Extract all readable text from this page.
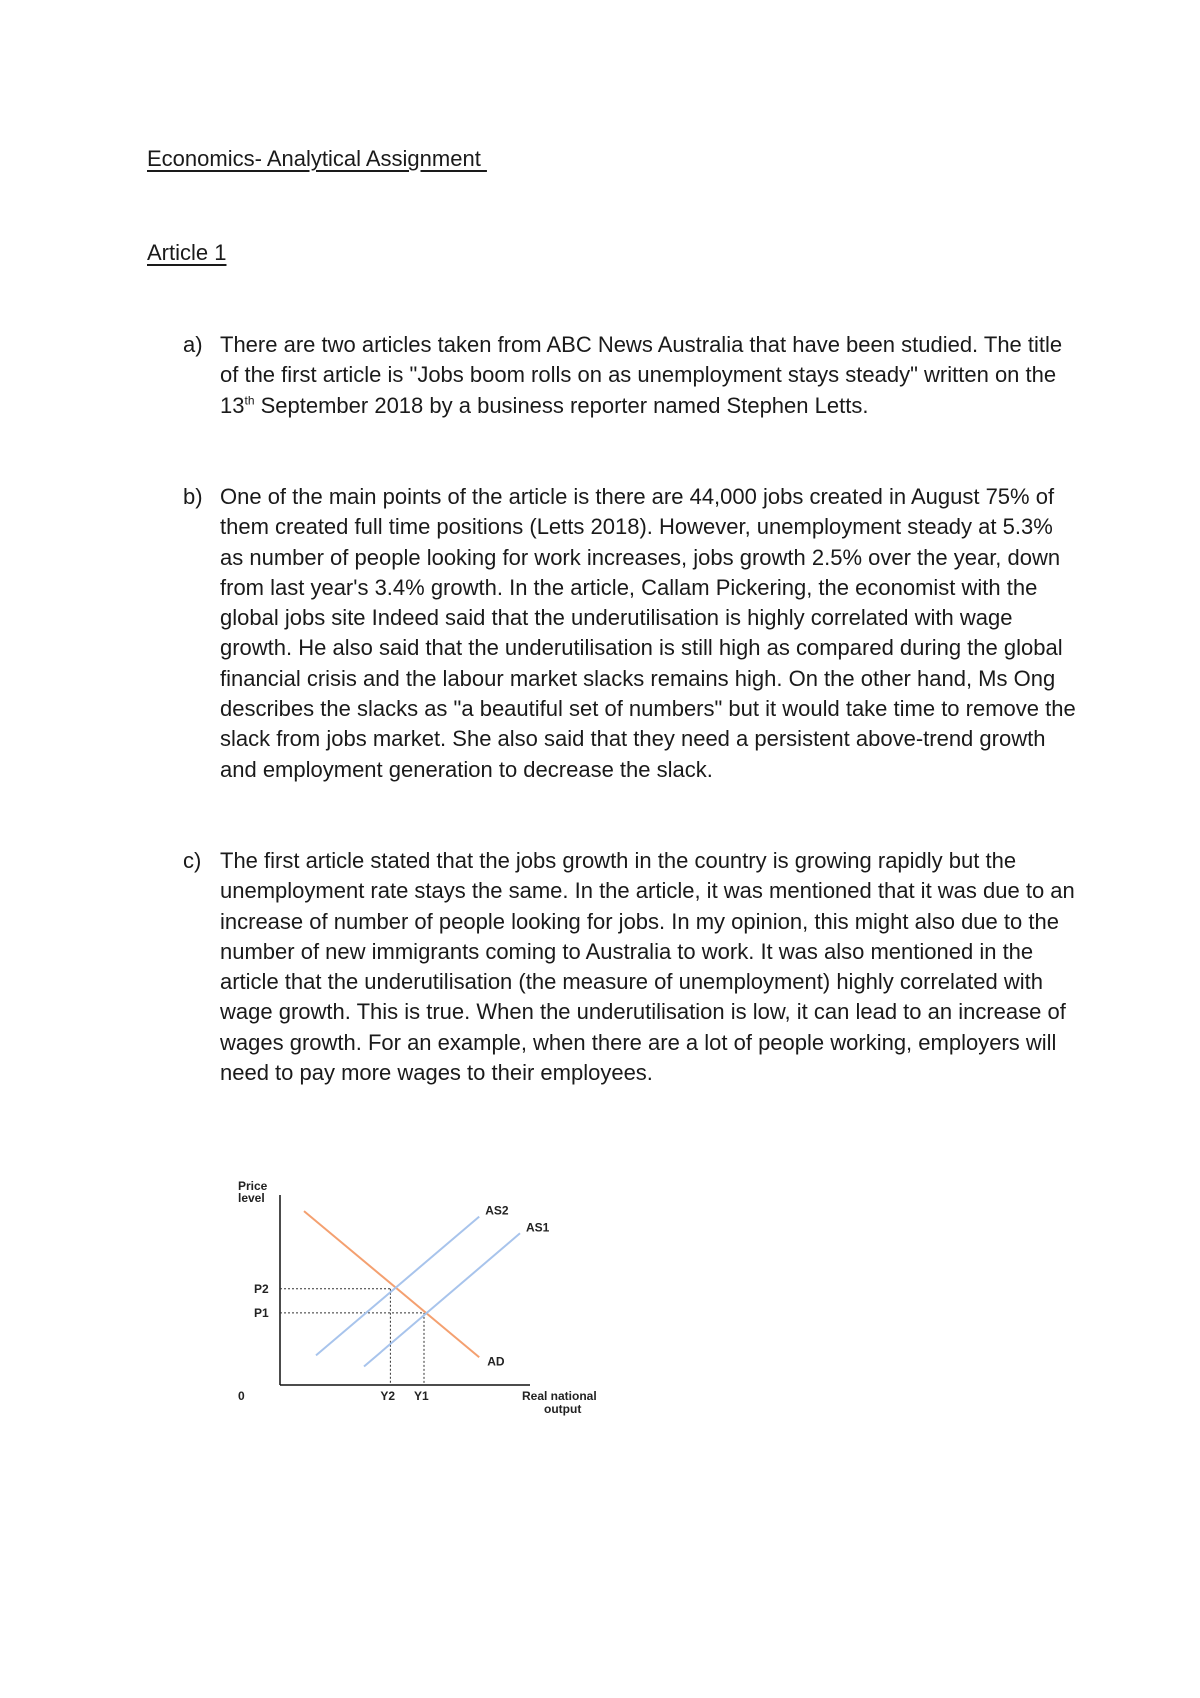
Economics- Analytical Assignment
Article 1
a) There are two articles taken from ABC News Australia that have been studied. The title of the first article is "Jobs boom rolls on as unemployment stays steady" written on the 13th September 2018 by a business reporter named Stephen Letts.
b) One of the main points of the article is there are 44,000 jobs created in August 75% of them created full time positions (Letts 2018). However, unemployment steady at 5.3% as number of people looking for work increases, jobs growth 2.5% over the year, down from last year's 3.4% growth. In the article, Callam Pickering, the economist with the global jobs site Indeed said that the underutilisation is highly correlated with wage growth. He also said that the underutilisation is still high as compared during the global financial crisis and the labour market slacks remains high. On the other hand, Ms Ong describes the slacks as "a beautiful set of numbers" but it would take time to remove the slack from jobs market. She also said that they need a persistent above-trend growth and employment generation to decrease the slack.
c) The first article stated that the jobs growth in the country is growing rapidly but the unemployment rate stays the same. In the article, it was mentioned that it was due to an increase of number of people looking for jobs. In my opinion, this might also due to the number of new immigrants coming to Australia to work. It was also mentioned in the article that the underutilisation (the measure of unemployment) highly correlated with wage growth. This is true. When the underutilisation is low, it can lead to an increase of wages growth. For an example, when there are a lot of people working, employers will need to pay more wages to their employees.
Price
level
Real national
output
0
P2
P1
Y2 Y1
AD
AS2
AS1
